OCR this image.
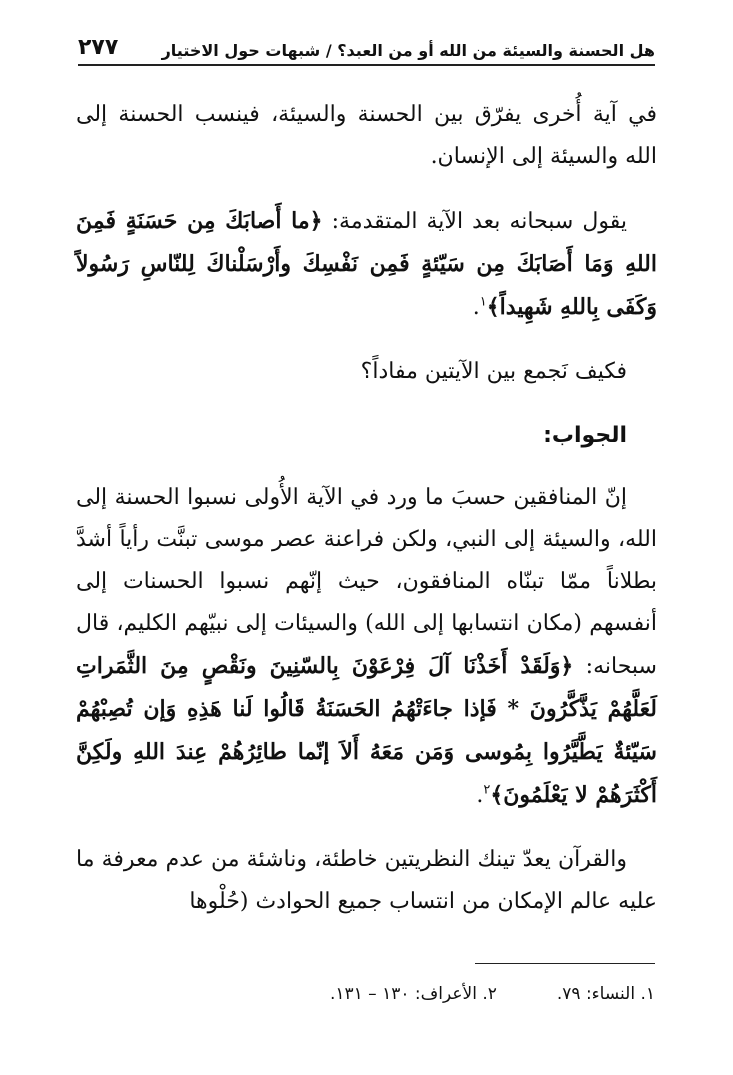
هل الحسنة والسيئة من الله أو من العبد؟ / شبهات حول الاختيار
٢٧٧

في آية أُخرى يفرّق بين الحسنة والسيئة، فينسب الحسنة إلى الله والسيئة إلى الإنسان.

يقول سبحانه بعد الآية المتقدمة: ﴿ما أَصابَكَ مِن حَسَنَةٍ فَمِنَ اللهِ وَمَا أَصَابَكَ مِن سَيّئةٍ فَمِن نَفْسِكَ وأَرْسَلْناكَ لِلنّاسِ رَسُولاً وَكَفَى بِاللهِ شَهِيداً﴾$^١$.

فكيف نَجمع بين الآيتين مفاداً؟

الجواب:

إنّ المنافقين حسبَ ما ورد في الآية الأُولى نسبوا الحسنة إلى الله، والسيئة إلى النبي، ولكن فراعنة عصر موسى تبنَّت رأياً أشدَّ بطلاناً ممّا تبنّاه المنافقون، حيث إنّهم نسبوا الحسنات إلى أنفسهم (مكان انتسابها إلى الله) والسيئات إلى نبيّهم الكليم، قال سبحانه: ﴿وَلَقَدْ أَخَذْنَا آلَ فِرْعَوْنَ بِالسّنِينَ ونَقْصٍ مِنَ الثَّمَراتِ لَعَلَّهُمْ يَذَّكَّرُونَ * فَإذا جاءَتْهُمُ الحَسَنَةُ قَالُوا لَنا هَذِهِ وَإن تُصِبْهُمْ سَيّئةٌ يَطَّيَّرُوا بِمُوسى وَمَن مَعَهُ أَلاَ إنّما طائِرُهُمْ عِندَ اللهِ ولَكِنَّ أَكْثَرَهُمْ لا يَعْلَمُونَ﴾$^٢$.

والقرآن يعدّ تينك النظريتين خاطئة، وناشئة من عدم معرفة ما عليه عالم الإمكان من انتساب جميع الحوادث (حُلْوها

١. النساء: ٧٩.
٢. الأعراف: ١٣٠ – ١٣١.
